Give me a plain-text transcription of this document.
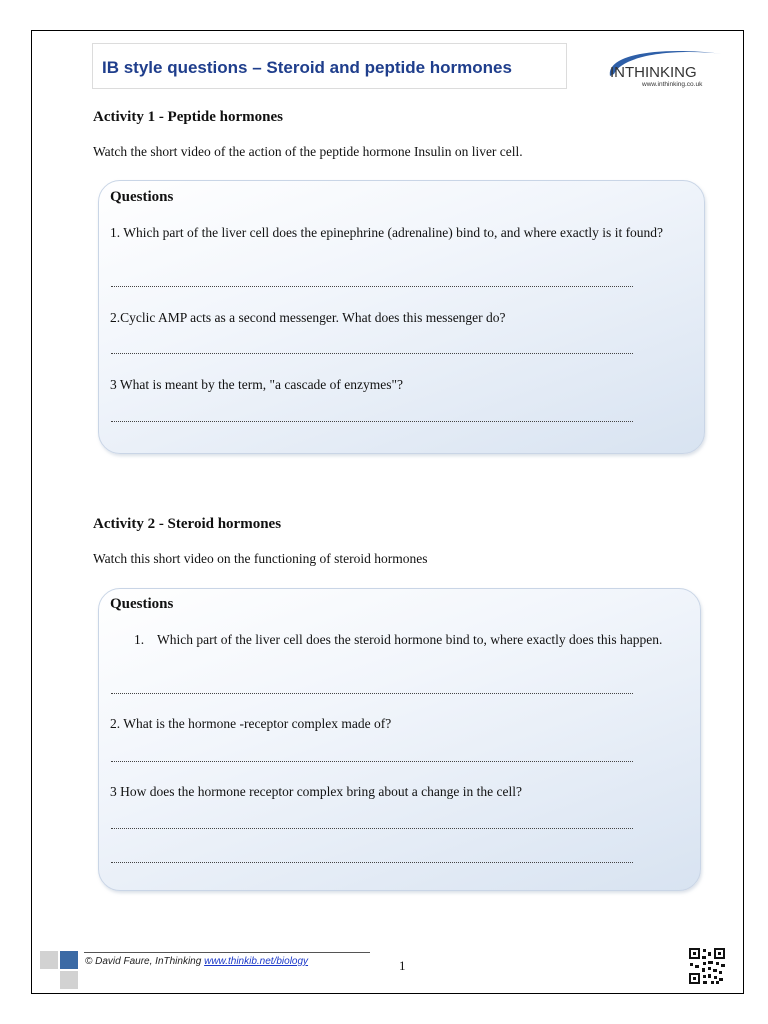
IB style questions – Steroid and peptide hormones	INTHINKING
www.inthinking.co.uk
Activity 1 - Peptide hormones

Watch the short video of the action of the peptide hormone Insulin on liver cell.

Questions

1. Which part of the liver cell does the epinephrine (adrenaline) bind to, and where exactly is it found?

2.Cyclic AMP acts as a second messenger. What does this messenger do?

3 What is meant by the term, "a cascade of enzymes"?

Activity 2 - Steroid hormones

Watch this short video on the functioning of steroid hormones

Questions
1. Which part of the liver cell does the steroid hormone bind to, where exactly does this happen.

2. What is the hormone -receptor complex made of?

3 How does the hormone receptor complex bring about a change in the cell?

© David Faure, InThinking www.thinkib.net/biology	1
